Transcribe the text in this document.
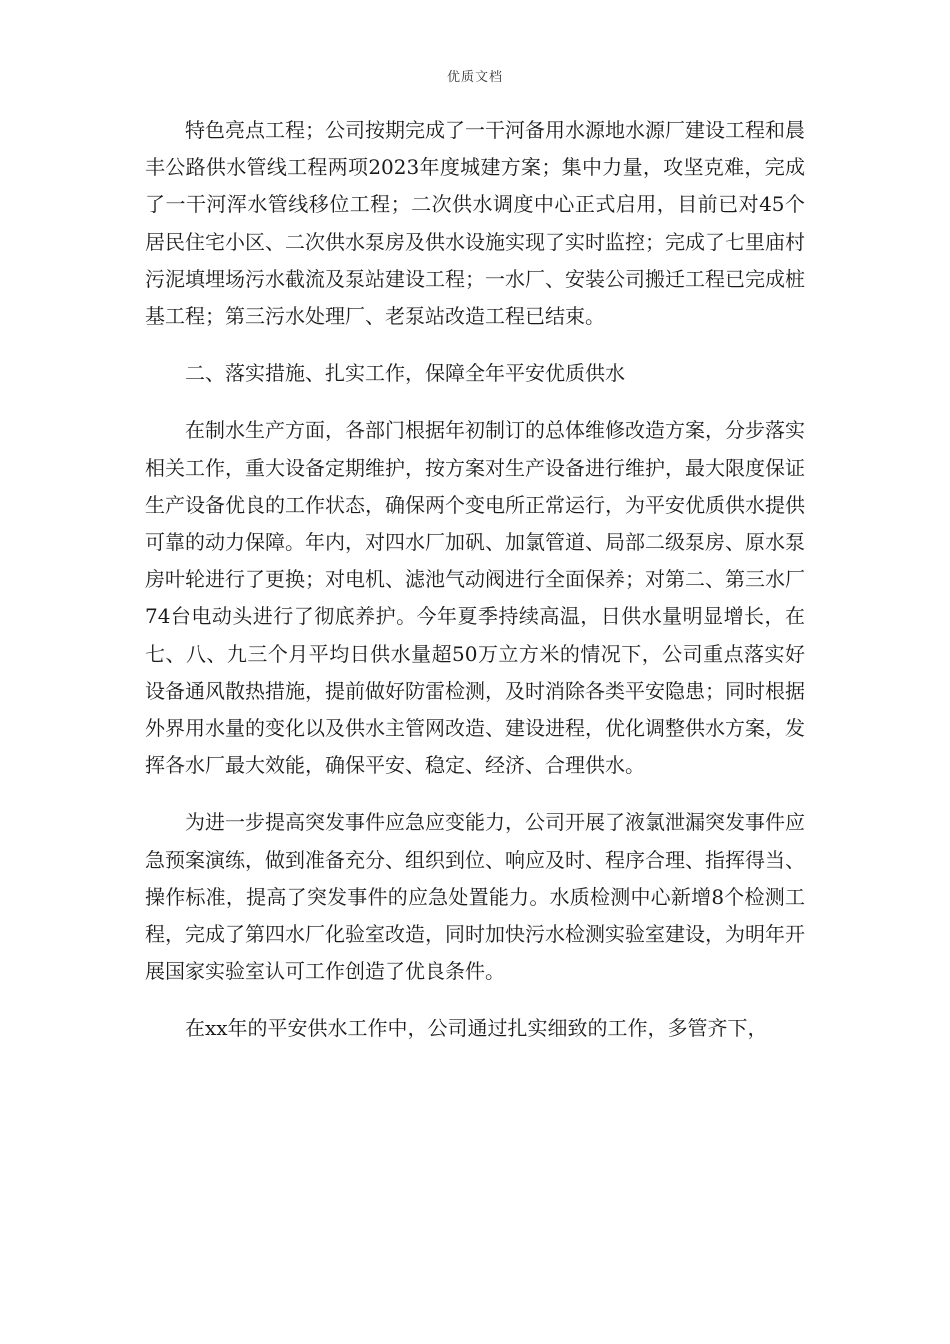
优质文档

特色亮点工程；公司按期完成了一干河备用水源地水源厂建设工程和晨丰公路供水管线工程两项2023年度城建方案；集中力量，攻坚克难，完成了一干河浑水管线移位工程；二次供水调度中心正式启用，目前已对45个居民住宅小区、二次供水泵房及供水设施实现了实时监控；完成了七里庙村污泥填埋场污水截流及泵站建设工程；一水厂、安装公司搬迁工程已完成桩基工程；第三污水处理厂、老泵站改造工程已结束。

二、落实措施、扎实工作，保障全年平安优质供水

在制水生产方面，各部门根据年初制订的总体维修改造方案，分步落实相关工作，重大设备定期维护，按方案对生产设备进行维护，最大限度保证生产设备优良的工作状态，确保两个变电所正常运行，为平安优质供水提供可靠的动力保障。年内，对四水厂加矾、加氯管道、局部二级泵房、原水泵房叶轮进行了更换；对电机、滤池气动阀进行全面保养；对第二、第三水厂74台电动头进行了彻底养护。今年夏季持续高温，日供水量明显增长，在七、八、九三个月平均日供水量超50万立方米的情况下，公司重点落实好设备通风散热措施，提前做好防雷检测，及时消除各类平安隐患；同时根据外界用水量的变化以及供水主管网改造、建设进程，优化调整供水方案，发挥各水厂最大效能，确保平安、稳定、经济、合理供水。

为进一步提高突发事件应急应变能力，公司开展了液氯泄漏突发事件应急预案演练，做到准备充分、组织到位、响应及时、程序合理、指挥得当、操作标准，提高了突发事件的应急处置能力。水质检测中心新增8个检测工程，完成了第四水厂化验室改造，同时加快污水检测实验室建设，为明年开展国家实验室认可工作创造了优良条件。

在xx年的平安供水工作中，公司通过扎实细致的工作，多管齐下，
